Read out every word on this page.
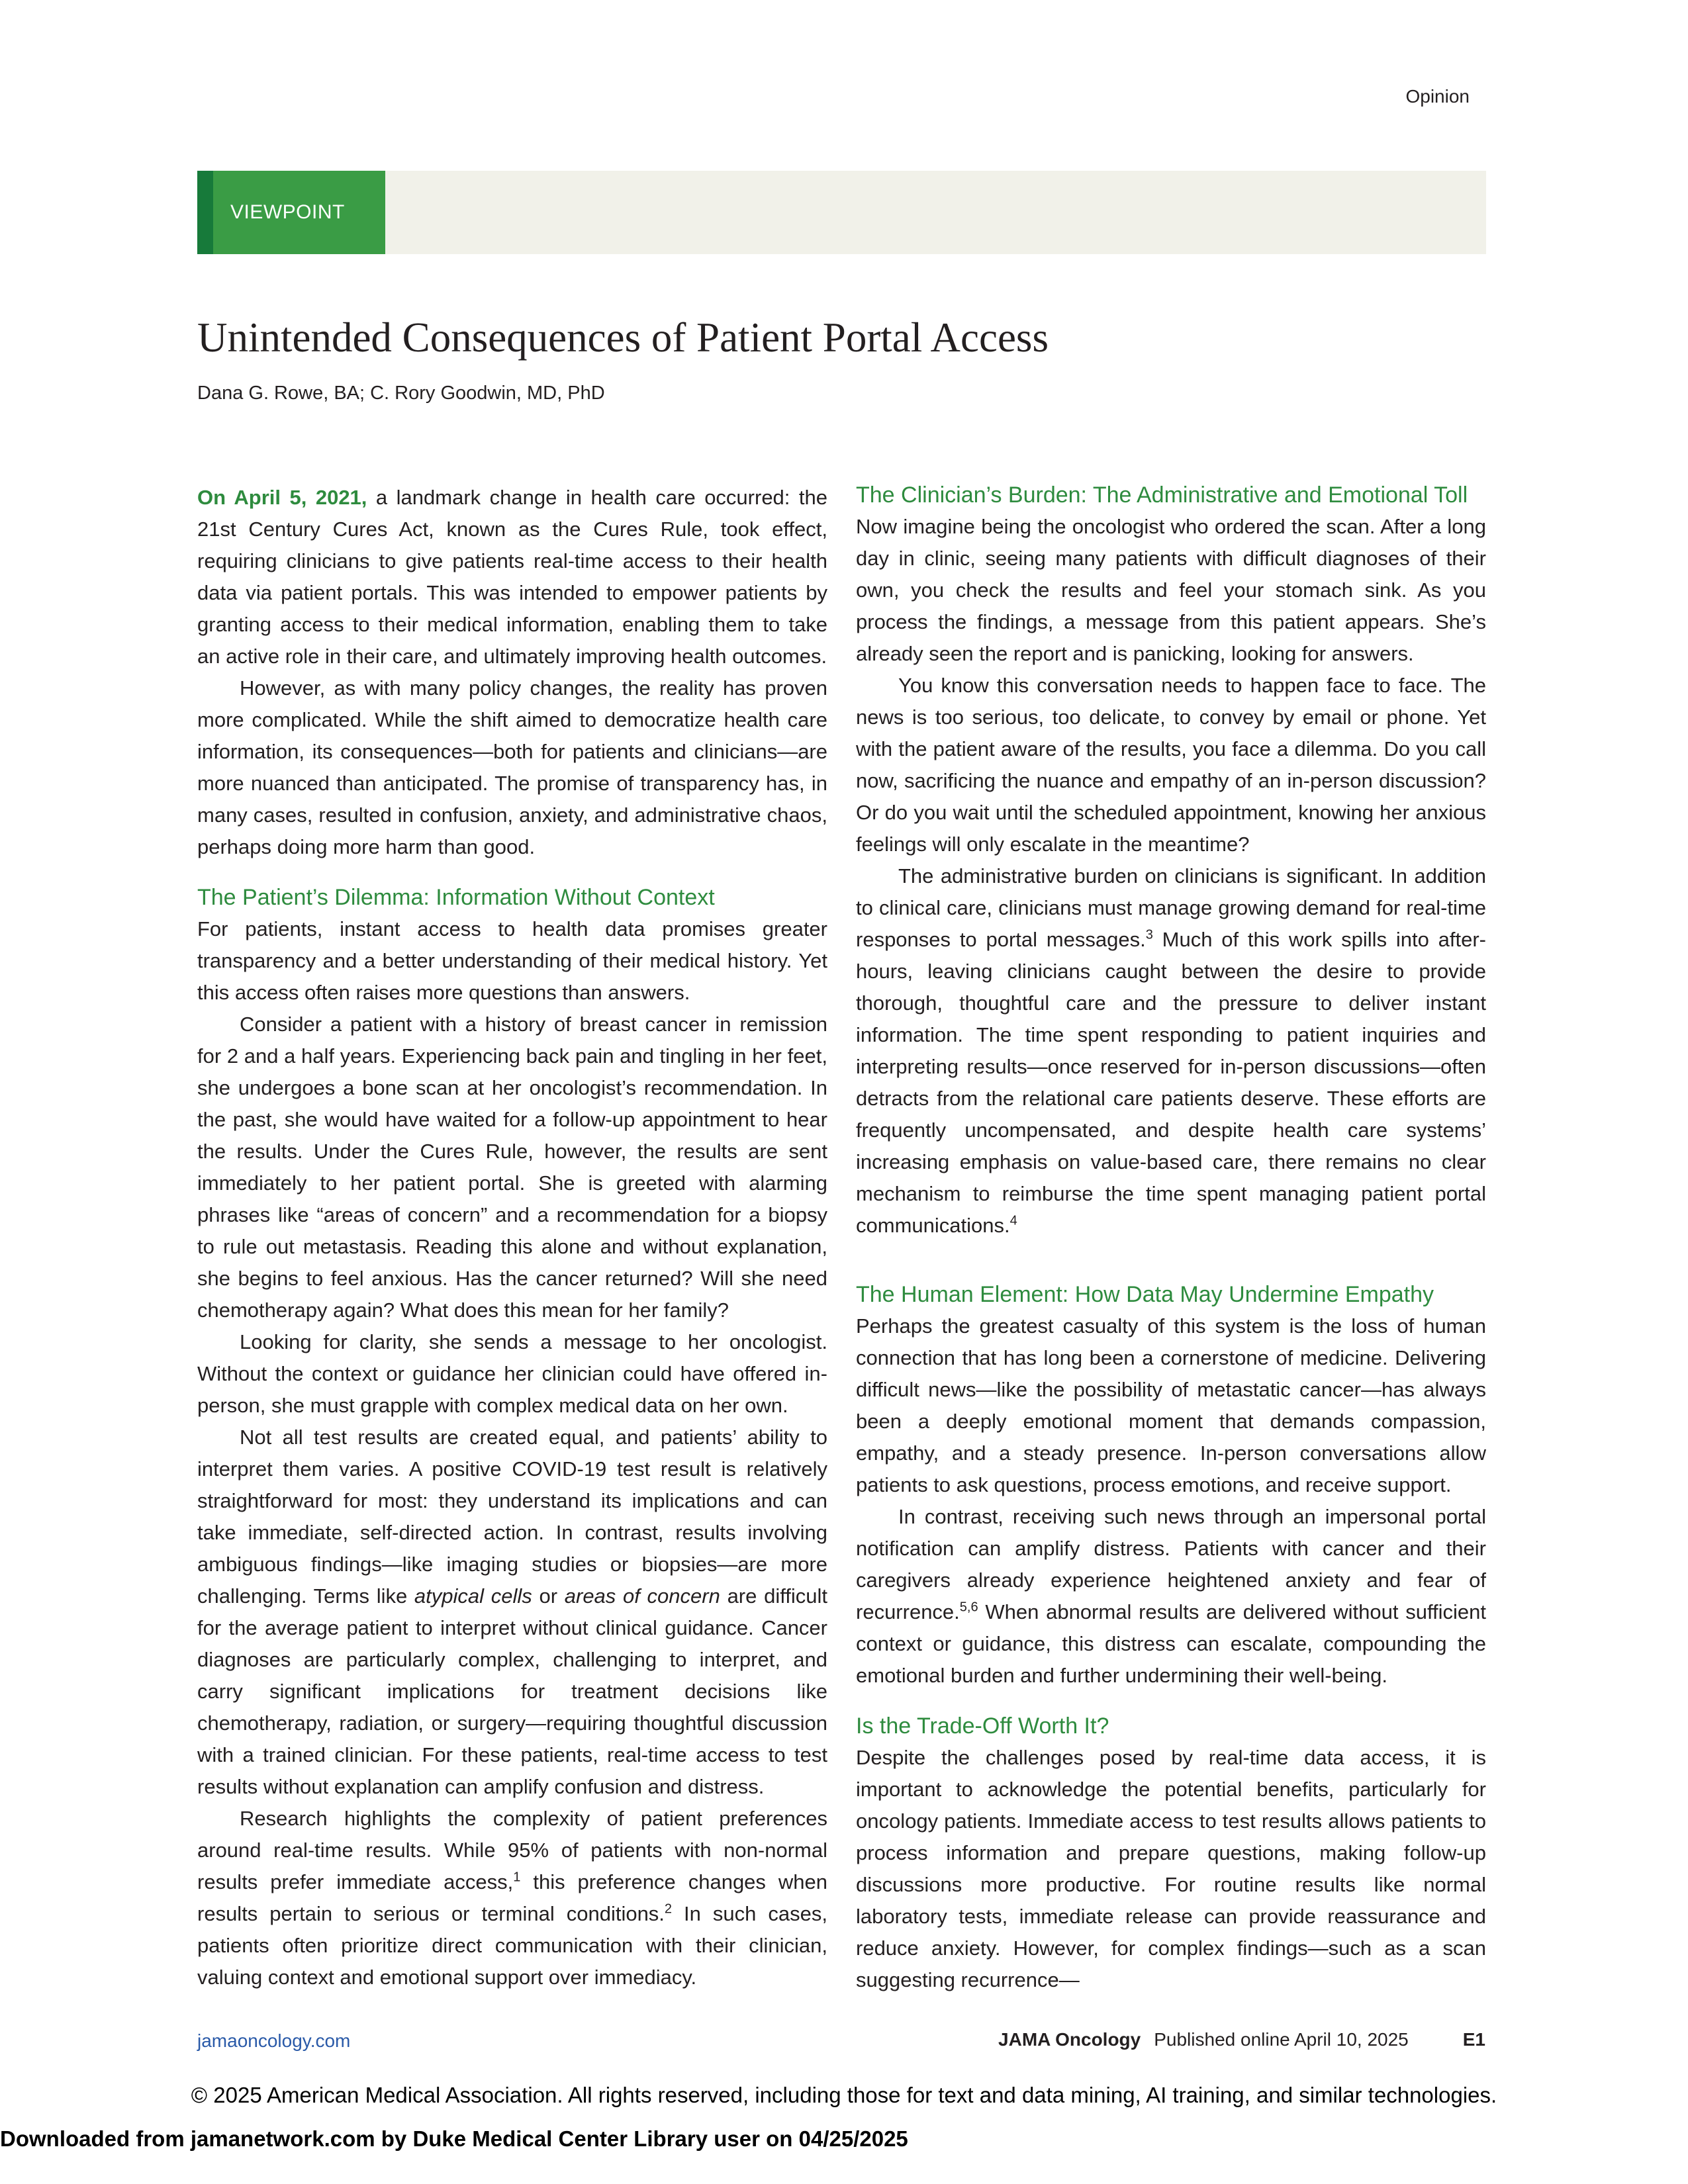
Opinion
VIEWPOINT
Unintended Consequences of Patient Portal Access
Dana G. Rowe, BA; C. Rory Goodwin, MD, PhD

On April 5, 2021, a landmark change in health care occurred: the 21st Century Cures Act, known as the Cures Rule, took effect, requiring clinicians to give patients real-time access to their health data via patient portals. This was intended to empower patients by granting access to their medical information, enabling them to take an active role in their care, and ultimately improving health outcomes.

However, as with many policy changes, the reality has proven more complicated. While the shift aimed to democratize health care information, its consequences—both for patients and clinicians—are more nuanced than anticipated. The promise of transparency has, in many cases, resulted in confusion, anxiety, and administrative chaos, perhaps doing more harm than good.

The Patient’s Dilemma: Information Without Context

For patients, instant access to health data promises greater transparency and a better understanding of their medical history. Yet this access often raises more questions than answers.

Consider a patient with a history of breast cancer in remission for 2 and a half years. Experiencing back pain and tingling in her feet, she undergoes a bone scan at her oncologist’s recommendation. In the past, she would have waited for a follow-up appointment to hear the results. Under the Cures Rule, however, the results are sent immediately to her patient portal. She is greeted with alarming phrases like “areas of concern” and a recommendation for a biopsy to rule out metastasis. Reading this alone and without explanation, she begins to feel anxious. Has the cancer returned? Will she need chemotherapy again? What does this mean for her family?

Looking for clarity, she sends a message to her oncologist. Without the context or guidance her clinician could have offered in-person, she must grapple with complex medical data on her own.

Not all test results are created equal, and patients’ ability to interpret them varies. A positive COVID-19 test result is relatively straightforward for most: they understand its implications and can take immediate, self-directed action. In contrast, results involving ambiguous findings—like imaging studies or biopsies—are more challenging. Terms like atypical cells or areas of concern are difficult for the average patient to interpret without clinical guidance. Cancer diagnoses are particularly complex, challenging to interpret, and carry significant implications for treatment decisions like chemotherapy, radiation, or surgery—requiring thoughtful discussion with a trained clinician. For these patients, real-time access to test results without explanation can amplify confusion and distress.

Research highlights the complexity of patient preferences around real-time results. While 95% of patients with non-normal results prefer immediate access,$^1$ this preference changes when results pertain to serious or terminal conditions.$^2$ In such cases, patients often prioritize direct communication with their clinician, valuing context and emotional support over immediacy.

The Clinician’s Burden: The Administrative and Emotional Toll

Now imagine being the oncologist who ordered the scan. After a long day in clinic, seeing many patients with difficult diagnoses of their own, you check the results and feel your stomach sink. As you process the findings, a message from this patient appears. She’s already seen the report and is panicking, looking for answers.

You know this conversation needs to happen face to face. The news is too serious, too delicate, to convey by email or phone. Yet with the patient aware of the results, you face a dilemma. Do you call now, sacrificing the nuance and empathy of an in-person discussion? Or do you wait until the scheduled appointment, knowing her anxious feelings will only escalate in the meantime?

The administrative burden on clinicians is significant. In addition to clinical care, clinicians must manage growing demand for real-time responses to portal messages.$^3$ Much of this work spills into after-hours, leaving clinicians caught between the desire to provide thorough, thoughtful care and the pressure to deliver instant information. The time spent responding to patient inquiries and interpreting results—once reserved for in-person discussions—often detracts from the relational care patients deserve. These efforts are frequently uncompensated, and despite health care systems’ increasing emphasis on value-based care, there remains no clear mechanism to reimburse the time spent managing patient portal communications.$^4$

The Human Element: How Data May Undermine Empathy

Perhaps the greatest casualty of this system is the loss of human connection that has long been a cornerstone of medicine. Delivering difficult news—like the possibility of metastatic cancer—has always been a deeply emotional moment that demands compassion, empathy, and a steady presence. In-person conversations allow patients to ask questions, process emotions, and receive support.

In contrast, receiving such news through an impersonal portal notification can amplify distress. Patients with cancer and their caregivers already experience heightened anxiety and fear of recurrence.$^{5,6}$ When abnormal results are delivered without sufficient context or guidance, this distress can escalate, compounding the emotional burden and further undermining their well-being.

Is the Trade-Off Worth It?

Despite the challenges posed by real-time data access, it is important to acknowledge the potential benefits, particularly for oncology patients. Immediate access to test results allows patients to process information and prepare questions, making follow-up discussions more productive. For routine results like normal laboratory tests, immediate release can provide reassurance and reduce anxiety. However, for complex findings—such as a scan suggesting recurrence—

jamaoncology.com	JAMA Oncology Published online April 10, 2025	E1
© 2025 American Medical Association. All rights reserved, including those for text and data mining, AI training, and similar technologies.
Downloaded from jamanetwork.com by Duke Medical Center Library user on 04/25/2025
